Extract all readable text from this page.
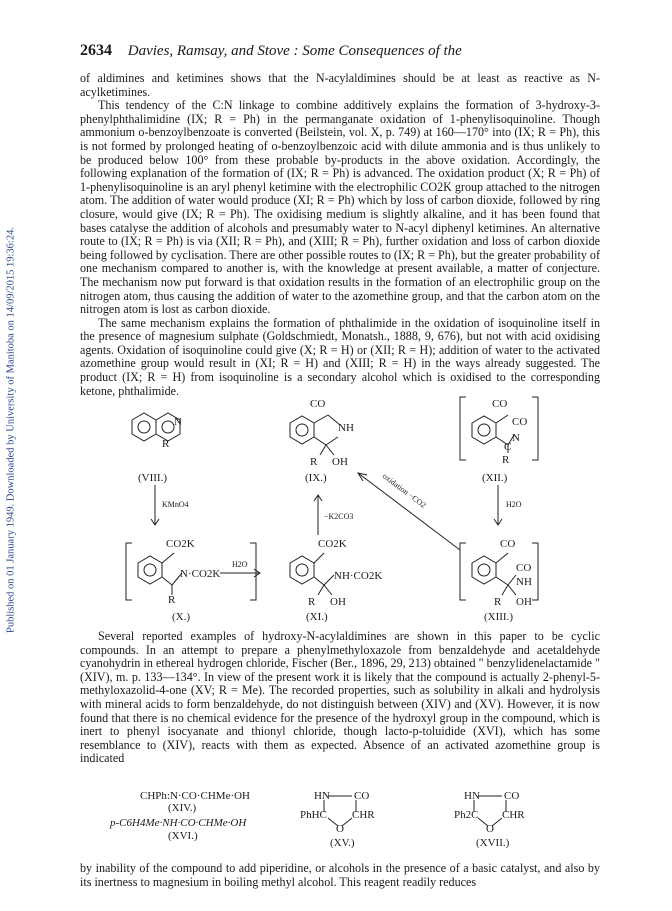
Published on 01 January 1949. Downloaded by University of Manitoba on 14/09/2015 19:36:24.
2634 Davies, Ramsay, and Stove : Some Consequences of the

of aldimines and ketimines shows that the N-acylaldimines should be at least as reactive as N-acylketimines.

This tendency of the C:N linkage to combine additively explains the formation of 3-hydroxy-3-phenylphthalimidine (IX; R = Ph) in the permanganate oxidation of 1-phenylisoquinoline. Though ammonium o-benzoylbenzoate is converted (Beilstein, vol. X, p. 749) at 160—170° into (IX; R = Ph), this is not formed by prolonged heating of o-benzoylbenzoic acid with dilute ammonia and is thus unlikely to be produced below 100° from these probable by-products in the above oxidation. Accordingly, the following explanation of the formation of (IX; R = Ph) is advanced. The oxidation product (X; R = Ph) of 1-phenylisoquinoline is an aryl phenyl ketimine with the electrophilic CO2K group attached to the nitrogen atom. The addition of water would produce (XI; R = Ph) which by loss of carbon dioxide, followed by ring closure, would give (IX; R = Ph). The oxidising medium is slightly alkaline, and it has been found that bases catalyse the addition of alcohols and presumably water to N-acyl diphenyl ketimines. An alternative route to (IX; R = Ph) is via (XII; R = Ph), and (XIII; R = Ph), further oxidation and loss of carbon dioxide being followed by cyclisation. There are other possible routes to (IX; R = Ph), but the greater probability of one mechanism compared to another is, with the knowledge at present available, a matter of conjecture. The mechanism now put forward is that oxidation results in the formation of an electrophilic group on the nitrogen atom, thus causing the addition of water to the azomethine group, and that the carbon atom on the nitrogen atom is lost as carbon dioxide.

The same mechanism explains the formation of phthalimide in the oxidation of isoquinoline itself in the presence of magnesium sulphate (Goldschmiedt, Monatsh., 1888, 9, 676), but not with acid oxidising agents. Oxidation of isoquinoline could give (X; R = H) or (XII; R = H); addition of water to the activated azomethine group would result in (XI; R = H) and (XIII; R = H) in the ways already suggested. The product (IX; R = H) from isoquinoline is a secondary alcohol which is oxidised to the corresponding ketone, phthalimide.

CO
NH
R OH
N
R
CO
CO
N
C
R
CO2K
N·CO2K
R
CO2K
NH·CO2K
R OH
CO
CO
NH
R OH
KMnO4
H2O
−K2CO3
H2O
oxidation −CO2
(VIII.)	(IX.)	(XII.)
(X.)	(XI.)	(XIII.)

Several reported examples of hydroxy-N-acylaldimines are shown in this paper to be cyclic compounds. In an attempt to prepare a phenylmethyloxazole from benzaldehyde and acetaldehyde cyanohydrin in ethereal hydrogen chloride, Fischer (Ber., 1896, 29, 213) obtained " benzylidenelactamide " (XIV), m. p. 133—134°. In view of the present work it is likely that the compound is actually 2-phenyl-5-methyloxazolid-4-one (XV; R = Me). The recorded properties, such as solubility in alkali and hydrolysis with mineral acids to form benzaldehyde, do not distinguish between (XIV) and (XV). However, it is now found that there is no chemical evidence for the presence of the hydroxyl group in the compound, which is inert to phenyl isocyanate and thionyl chloride, though lacto-p-toluidide (XVI), which has some resemblance to (XIV), reacts with them as expected. Absence of an activated azomethine group is indicated

CHPh:N·CO·CHMe·OH
(XIV.)
p-C6H4Me·NH·CO·CHMe·OH
(XVI.)
HN CO
PhHC CHR
O
(XV.)
HN CO
Ph2C CHR
O
(XVII.)

by inability of the compound to add piperidine, or alcohols in the presence of a basic catalyst, and also by its inertness to magnesium in boiling methyl alcohol. This reagent readily reduces
